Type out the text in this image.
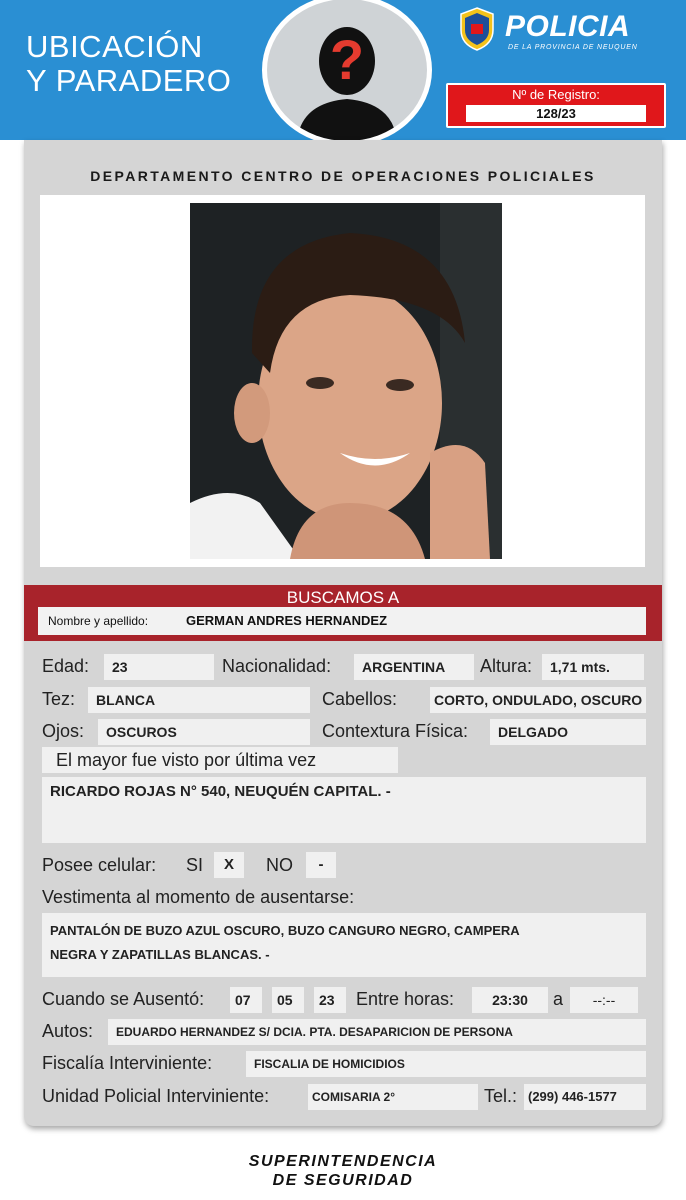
UBICACIÓN
Y PARADERO ?
POLICIA
DE LA PROVINCIA DE NEUQUEN
Nº de Registro:
128/23
DEPARTAMENTO CENTRO DE OPERACIONES POLICIALES
BUSCAMOS A
Nombre y apellido:	GERMAN ANDRES HERNANDEZ
Edad:	23	Nacionalidad:	ARGENTINA	Altura:	1,71 mts.
Tez:	BLANCA	Cabellos:	CORTO, ONDULADO, OSCURO
Ojos:	OSCUROS	Contextura Física:	DELGADO
El mayor fue visto por última vez
RICARDO ROJAS N° 540, NEUQUÉN CAPITAL. -
Posee celular: SI	X	NO	-
Vestimenta al momento de ausentarse:
PANTALÓN DE BUZO AZUL OSCURO, BUZO CANGURO NEGRO, CAMPERA
NEGRA Y ZAPATILLAS BLANCAS. -
Cuando se Ausentó:	07	05	23	Entre horas:	23:30	a	--:--
Autos:	EDUARDO HERNANDEZ S/ DCIA. PTA. DESAPARICION DE PERSONA
Fiscalía Interviniente:	FISCALIA DE HOMICIDIOS
Unidad Policial Interviniente:	COMISARIA 2°	Tel.: (299) 446-1577
SUPERINTENDENCIA
DE SEGURIDAD
